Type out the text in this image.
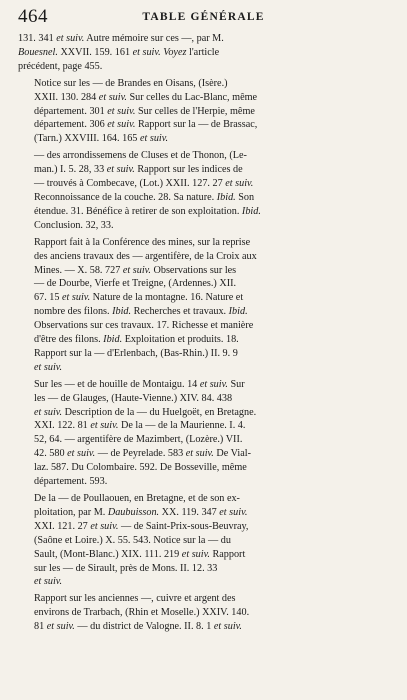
464	TABLE GÉNÉRALE
131. 341 et suiv. Autre mémoire sur ces —, par M.
Bouesnel. XXVII. 159. 161 et suiv. Voyez l'article
précédent, page 455.
Notice sur les — de Brandes en Oisans, (Isère.)
XXII. 130. 284 et suiv. Sur celles du Lac-Blanc, même
département. 301 et suiv. Sur celles de l'Herpie, même
département. 306 et suiv. Rapport sur la — de Brassac,
(Tarn.) XXVIII. 164. 165 et suiv.
— des arrondissemens de Cluses et de Thonon, (Le-
man.) I. 5. 28, 33 et suiv. Rapport sur les indices de
— trouvés à Combecave, (Lot.) XXII. 127. 27 et suiv.
Reconnoissance de la couche. 28. Sa nature. Ibid. Son
étendue. 31. Bénéfice à retirer de son exploitation. Ibid.
Conclusion. 32, 33.
Rapport fait à la Conférence des mines, sur la reprise
des anciens travaux des — argentifère, de la Croix aux
Mines. — X. 58. 727 et suiv. Observations sur les
— de Dourbe, Vierfe et Treigne, (Ardennes.) XII.
67. 15 et suiv. Nature de la montagne. 16. Nature et
nombre des filons. Ibid. Recherches et travaux. Ibid.
Observations sur ces travaux. 17. Richesse et manière
d'être des filons. Ibid. Exploitation et produits. 18.
Rapport sur la — d'Erlenbach, (Bas-Rhin.) II. 9. 9
et suiv.
Sur les — et de houille de Montaigu. 14 et suiv. Sur
les — de Glauges, (Haute-Vienne.) XIV. 84. 438
et suiv. Description de la — du Huelgoët, en Bretagne.
XXI. 122. 81 et suiv. De la — de la Maurienne. I. 4.
52, 64. — argentifère de Mazimbert, (Lozère.) VII.
42. 580 et suiv. — de Peyrelade. 583 et suiv. De Vial-
laz. 587. Du Colombaire. 592. De Bosseville, même
département. 593.
De la — de Poullaouen, en Bretagne, et de son ex-
ploitation, par M. Daubuisson. XX. 119. 347 et suiv.
XXI. 121. 27 et suiv. — de Saint-Prix-sous-Beuvray,
(Saône et Loire.) X. 55. 543. Notice sur la — du
Sault, (Mont-Blanc.) XIX. 111. 219 et suiv. Rapport
sur les — de Sirault, près de Mons. II. 12. 33
et suiv.
Rapport sur les anciennes —, cuivre et argent des
environs de Trarbach, (Rhin et Moselle.) XXIV. 140.
81 et suiv. — du district de Valogne. II. 8. 1 et suiv.
